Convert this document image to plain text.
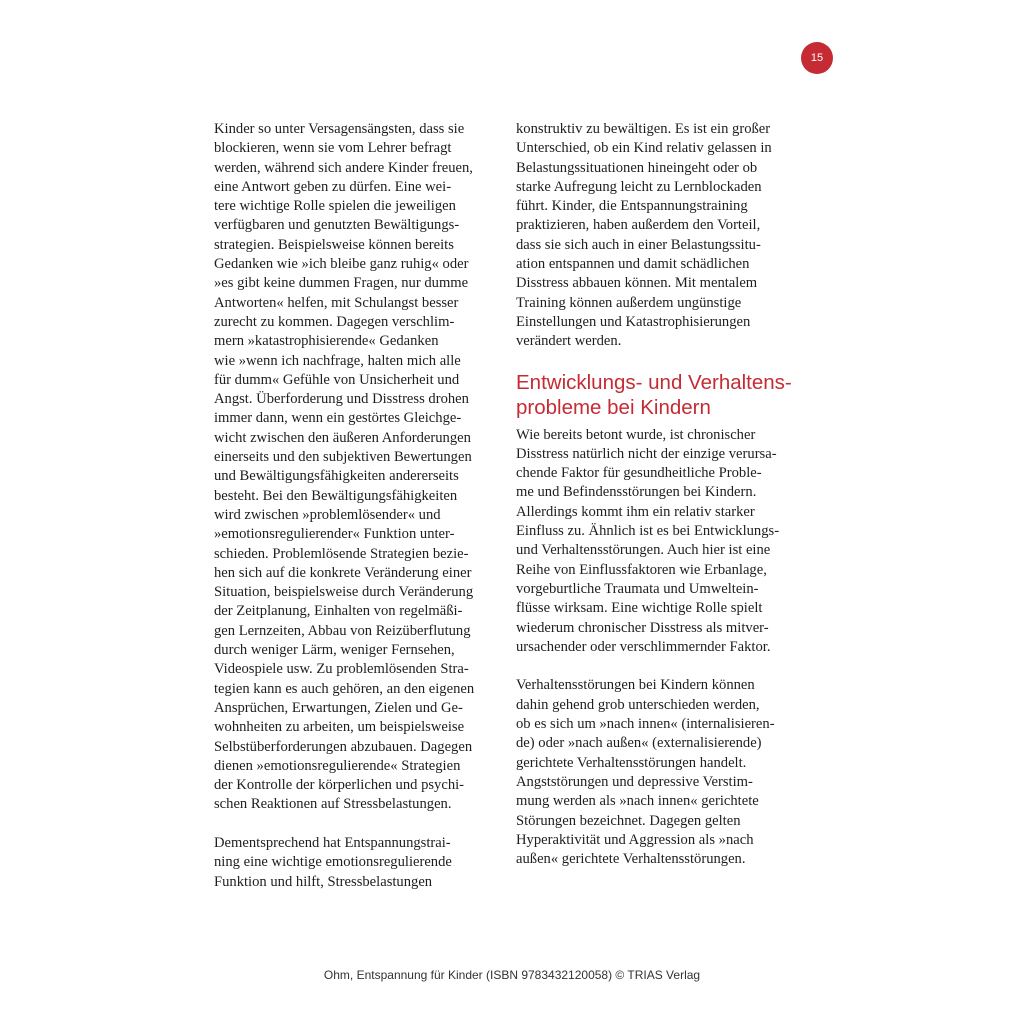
15
Kinder so unter Versagensängsten, dass sie
blockieren, wenn sie vom Lehrer befragt
werden, während sich andere Kinder freuen,
eine Antwort geben zu dürfen. Eine wei-
tere wichtige Rolle spielen die jeweiligen
verfügbaren und genutzten Bewältigungs-
strategien. Beispielsweise können bereits
Gedanken wie »ich bleibe ganz ruhig« oder
»es gibt keine dummen Fragen, nur dumme
Antworten« helfen, mit Schulangst besser
zurecht zu kommen. Dagegen verschlim-
mern »katastrophisierende« Gedanken
wie »wenn ich nachfrage, halten mich alle
für dumm« Gefühle von Unsicherheit und
Angst. Überforderung und Disstress drohen
immer dann, wenn ein gestörtes Gleichge-
wicht zwischen den äußeren Anforderungen
einerseits und den subjektiven Bewertungen
und Bewältigungsfähigkeiten andererseits
besteht. Bei den Bewältigungsfähigkeiten
wird zwischen »problemlösender« und
»emotionsregulierender« Funktion unter-
schieden. Problemlösende Strategien bezie-
hen sich auf die konkrete Veränderung einer
Situation, beispielsweise durch Veränderung
der Zeitplanung, Einhalten von regelmäßi-
gen Lernzeiten, Abbau von Reizüberflutung
durch weniger Lärm, weniger Fernsehen,
Videospiele usw. Zu problemlösenden Stra-
tegien kann es auch gehören, an den eigenen
Ansprüchen, Erwartungen, Zielen und Ge-
wohnheiten zu arbeiten, um beispielsweise
Selbstüberforderungen abzubauen. Dagegen
dienen »emotionsregulierende« Strategien
der Kontrolle der körperlichen und psychi-
schen Reaktionen auf Stressbelastungen.
Dementsprechend hat Entspannungstrai-
ning eine wichtige emotionsregulierende
Funktion und hilft, Stressbelastungen
konstruktiv zu bewältigen. Es ist ein großer
Unterschied, ob ein Kind relativ gelassen in
Belastungssituationen hineingeht oder ob
starke Aufregung leicht zu Lernblockaden
führt. Kinder, die Entspannungstraining
praktizieren, haben außerdem den Vorteil,
dass sie sich auch in einer Belastungssitu-
ation entspannen und damit schädlichen
Disstress abbauen können. Mit mentalem
Training können außerdem ungünstige
Einstellungen und Katastrophisierungen
verändert werden.
Entwicklungs- und Verhaltens-
probleme bei Kindern
Wie bereits betont wurde, ist chronischer
Disstress natürlich nicht der einzige verursa-
chende Faktor für gesundheitliche Proble-
me und Befindensstörungen bei Kindern.
Allerdings kommt ihm ein relativ starker
Einfluss zu. Ähnlich ist es bei Entwicklungs-
und Verhaltensstörungen. Auch hier ist eine
Reihe von Einflussfaktoren wie Erbanlage,
vorgeburtliche Traumata und Umweltein-
flüsse wirksam. Eine wichtige Rolle spielt
wiederum chronischer Disstress als mitver-
ursachender oder verschlimmernder Faktor.
Verhaltensstörungen bei Kindern können
dahin gehend grob unterschieden werden,
ob es sich um »nach innen« (internalisieren-
de) oder »nach außen« (externalisierende)
gerichtete Verhaltensstörungen handelt.
Angststörungen und depressive Verstim-
mung werden als »nach innen« gerichtete
Störungen bezeichnet. Dagegen gelten
Hyperaktivität und Aggression als »nach
außen« gerichtete Verhaltensstörungen.
Ohm, Entspannung für Kinder (ISBN 9783432120058) © TRIAS Verlag
